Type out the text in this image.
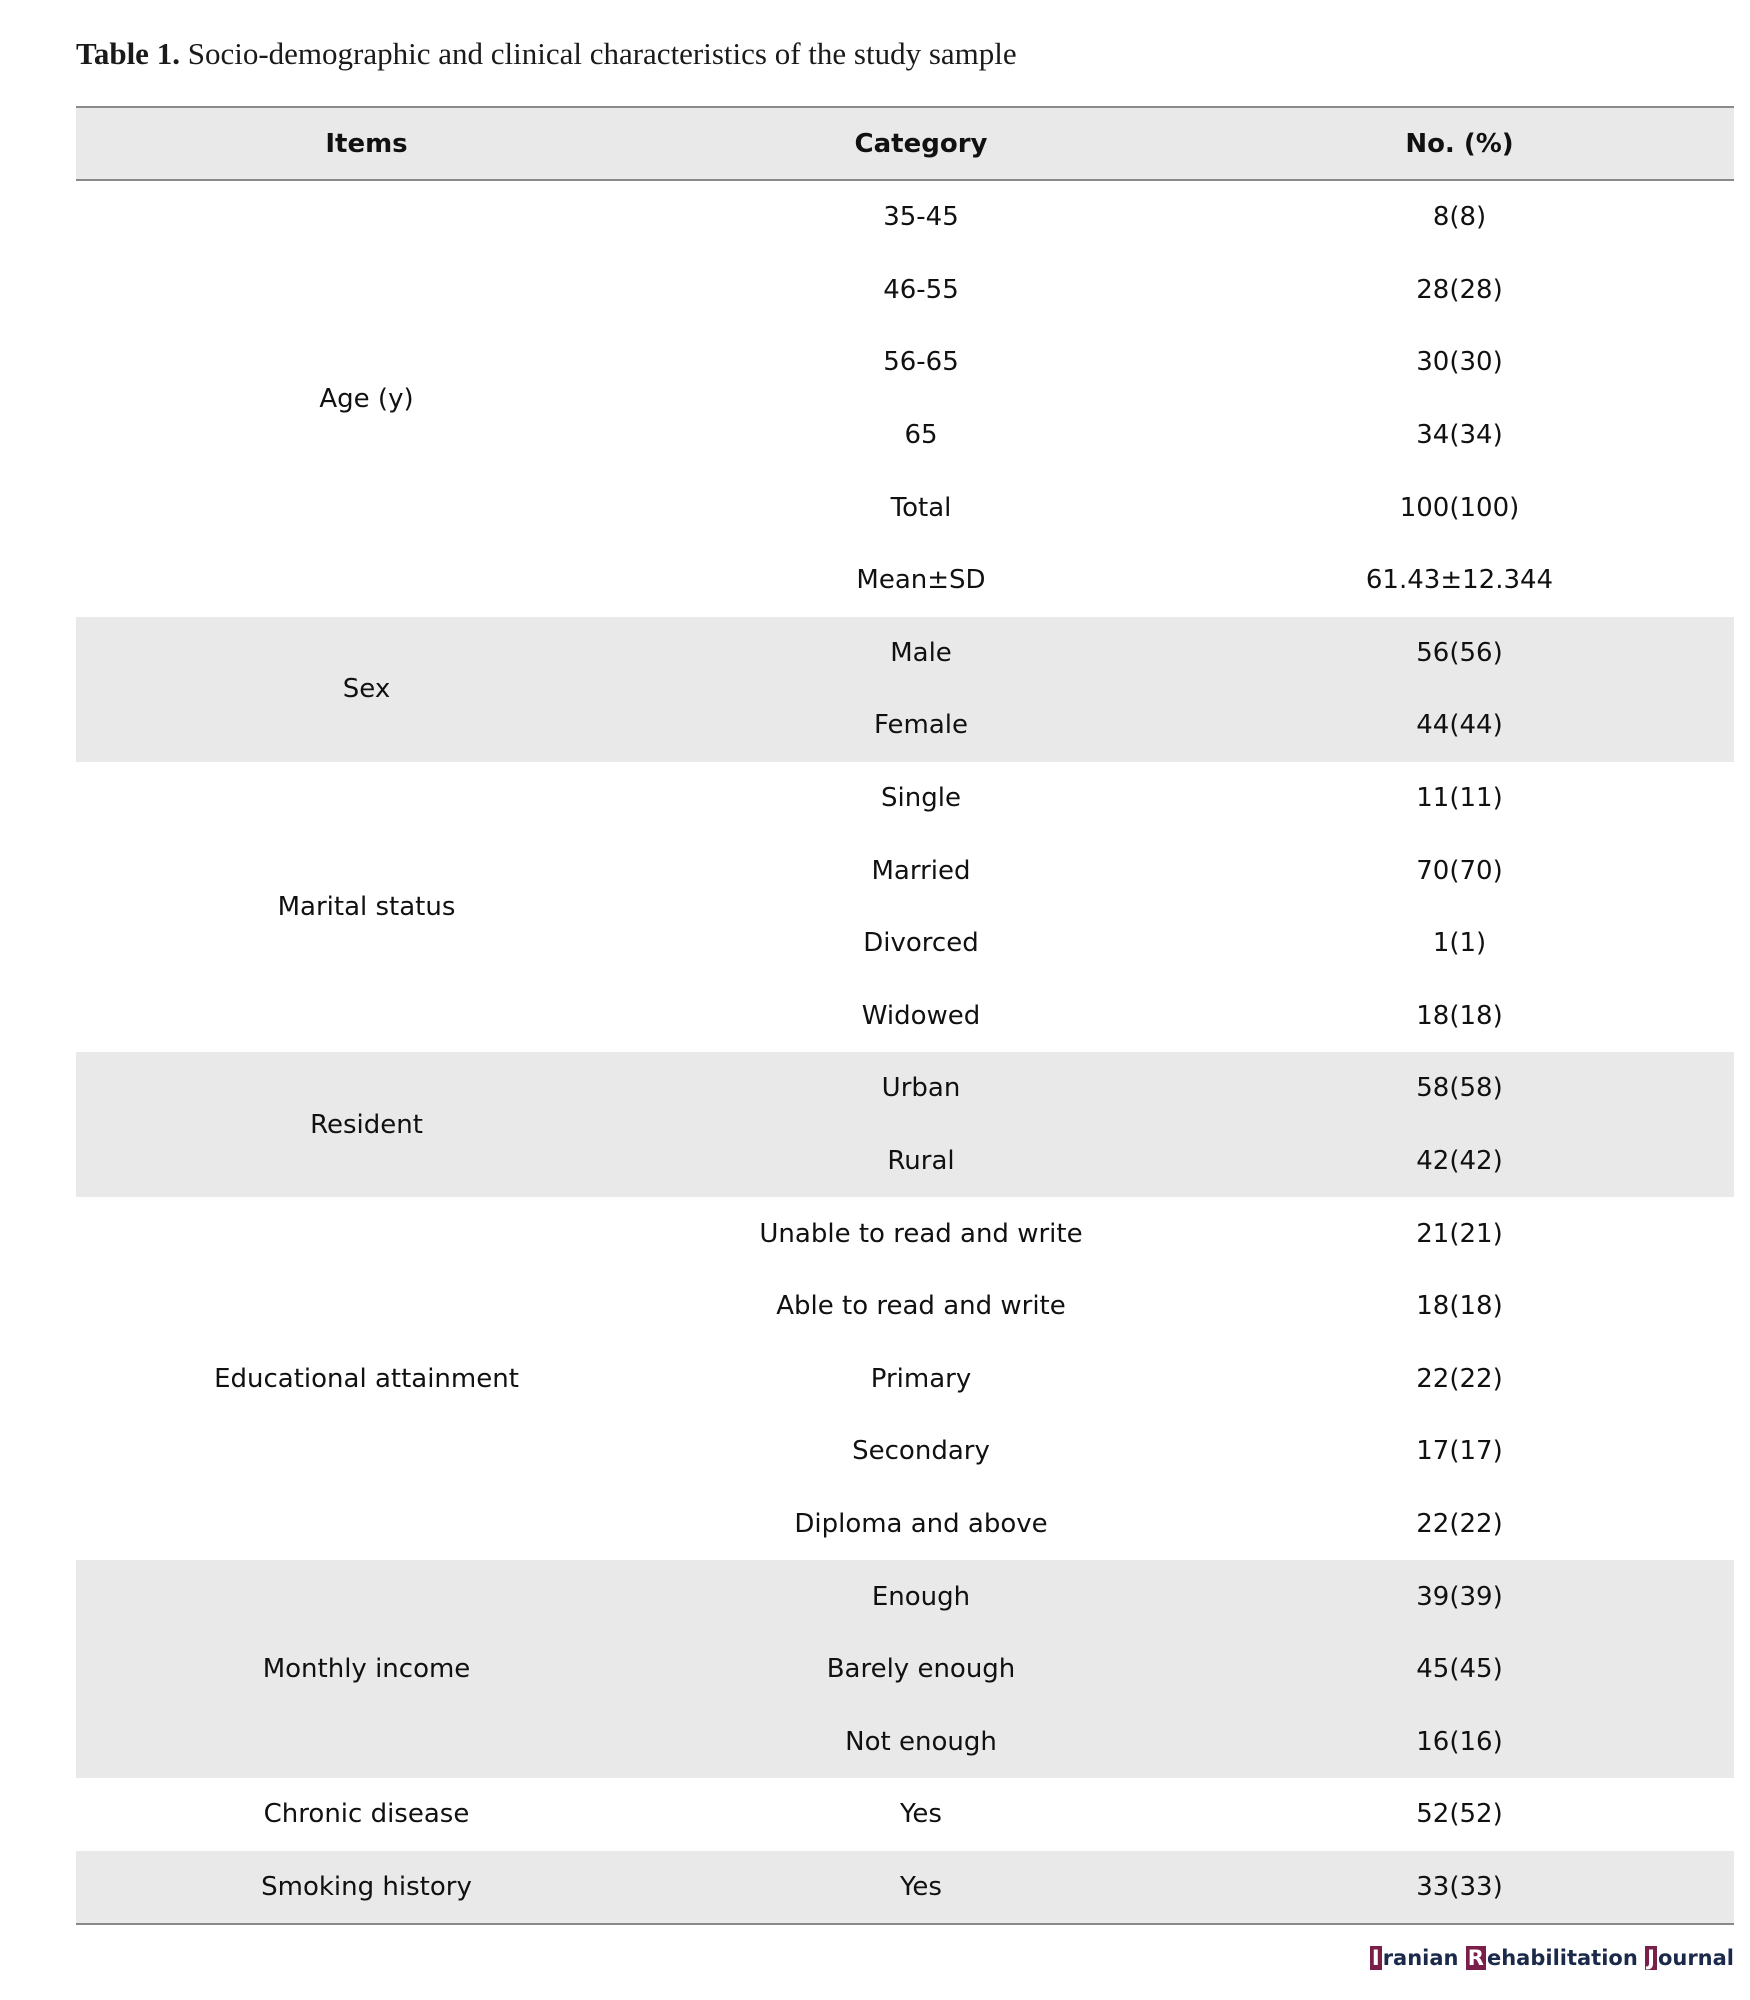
Table 1. Socio-demographic and clinical characteristics of the study sample
Items	Category	No. (%)
Age (y)	35-45	8(8)
	46-55	28(28)
	56-65	30(30)
	65	34(34)
	Total	100(100)
	Mean±SD	61.43±12.344
Sex	Male	56(56)
	Female	44(44)
Marital status	Single	11(11)
	Married	70(70)
	Divorced	1(1)
	Widowed	18(18)
Resident	Urban	58(58)
	Rural	42(42)
Educational attainment	Unable to read and write	21(21)
	Able to read and write	18(18)
	Primary	22(22)
	Secondary	17(17)
	Diploma and above	22(22)
Monthly income	Enough	39(39)
	Barely enough	45(45)
	Not enough	16(16)
Chronic disease	Yes	52(52)
Smoking history	Yes	33(33)
I ranian R ehabilitation J ournal
